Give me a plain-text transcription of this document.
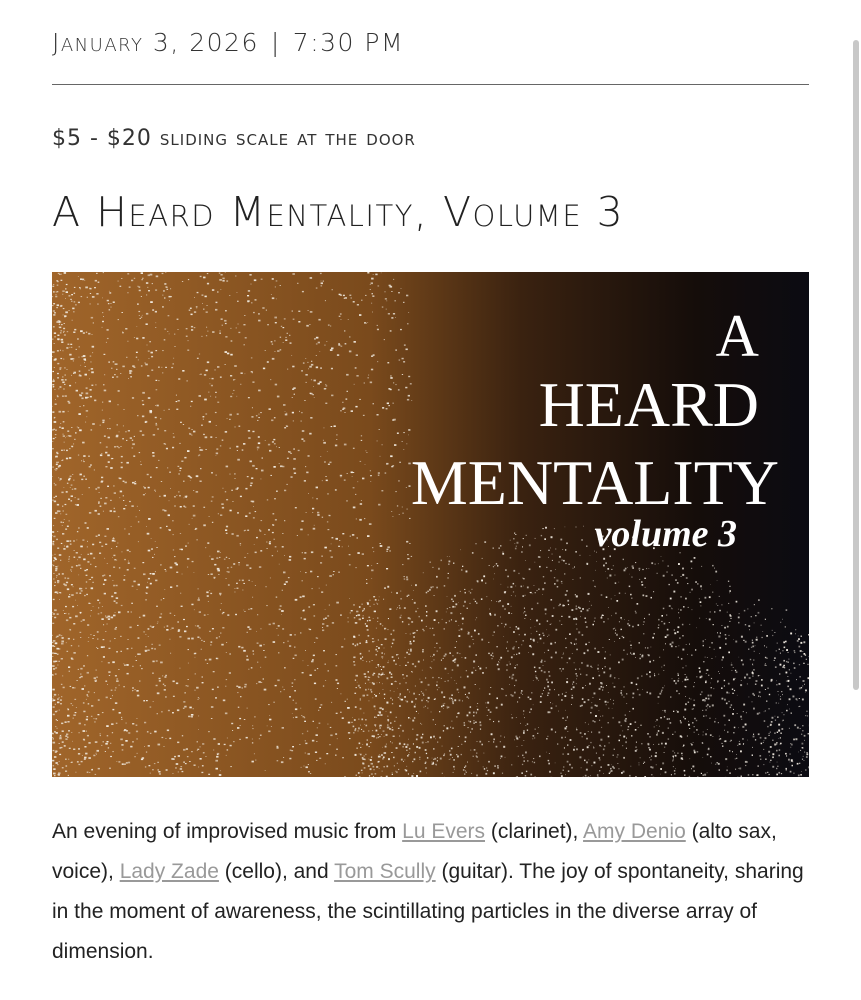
January 3, 2026 | 7:30 PM
$5 - $20 sliding scale at the door
A Heard Mentality, Volume 3
A
HEARD
MENTALITY
volume 3

An evening of improvised music from Lu Evers (clarinet), Amy Denio (alto sax, voice), Lady Zade (cello), and Tom Scully (guitar). The joy of spontaneity, sharing in the moment of awareness, the scintillating particles in the diverse array of dimension.
